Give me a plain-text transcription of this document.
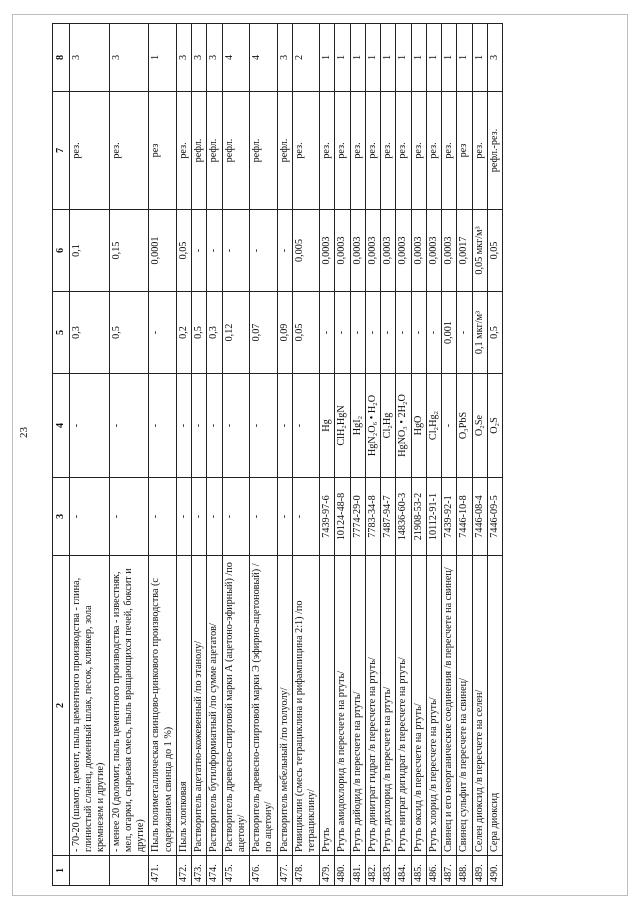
23
1	2	3	4	5	6	7	8
	- 70-20 (шамот, цемент, пыль цементного производства - глина, глинистый сланец, доменный шлак, песок, клинкер, зола кремнезем и другие)	-	-	0,3	0,1	рез.	3
	- менее 20 (доломит, пыль цементного производства - известняк, мел, огарки, сырьевая смесь, пыль вращающихся печей, боксит и другие)	-	-	0,5	0,15	рез.	3
471.	Пыль полиметаллическая свинцово-цинкового производства (с содержанием свинца до 1 %)	-	-	-	0,0001	рез	1
472.	Пыль хлопковая	-	-	0,2	0,05	рез.	3
473.	Растворитель ацетатно-кожевенный /по этанолу/	-	-	0,5	-	рефл.	3
474.	Растворитель бутилформиатный /по сумме ацетатов/	-	-	0,3	-	рефл.	3
475.	Растворитель древесно-спиртовой марки А (ацетоно-эфирный) /по ацетону/	-	-	0,12	-	рефл.	4
476.	Растворитель древесно-спиртовой марки Э (эфирно-ацетоновый) /по ацетону/	-	-	0,07	-	рефл.	4
477.	Растворитель мебельный /по толуолу/	-	-	0,09	-	рефл.	3
478.	Ривициклин (смесь тетрациклина и рифампицина 2:1) /по тетрациклину/	-	-	0,05	0,005	рез.	2
479.	Ртуть	7439-97-6	Hg	-	0,0003	рез.	1
480.	Ртуть амидохлорид /в пересчете на ртуть/	10124-48-8	ClH₂HgN	-	0,0003	рез.	1
481.	Ртуть дийодид /в пересчете на ртуть/	7774-29-0	HgI₂	-	0,0003	рез.	1
482.	Ртуть динитрат гидрат /в пересчете на ртуть/	7783-34-8	HgN₂O₆ • H₂O	-	0,0003	рез.	1
483.	Ртуть дихлорид /в пересчете на ртуть/	7487-94-7	Cl₂Hg	-	0,0003	рез.	1
484.	Ртуть нитрат дигидрат /в пересчете на ртуть/	14836-60-3	HgNO₃ • 2H₂O	-	0,0003	рез.	1
485.	Ртуть оксид /в пересчете на ртуть/	21908-53-2	HgO	-	0,0003	рез.	1
486.	Ртуть хлорид /в пересчете на ртуть/	10112-91-1	Cl₂Hg₂	-	0,0003	рез.	1
487.	Свинец и его неорганические соединения /в пересчете на свинец/	7439-92-1	-	0,001	0,0003	рез.	1
488.	Свинец сульфит /в пересчете на свинец/	7446-10-8	O₃PbS	-	0,0017	рез	1
489.	Селен диоксид /в пересчете на селен/	7446-08-4	O₂Se	0,1 мкг/м³	0,05 мкг/м³	рез.	1
490.	Сера диоксид	7446-09-5	O₂S	0,5	0,05	рефл.-рез.	3
